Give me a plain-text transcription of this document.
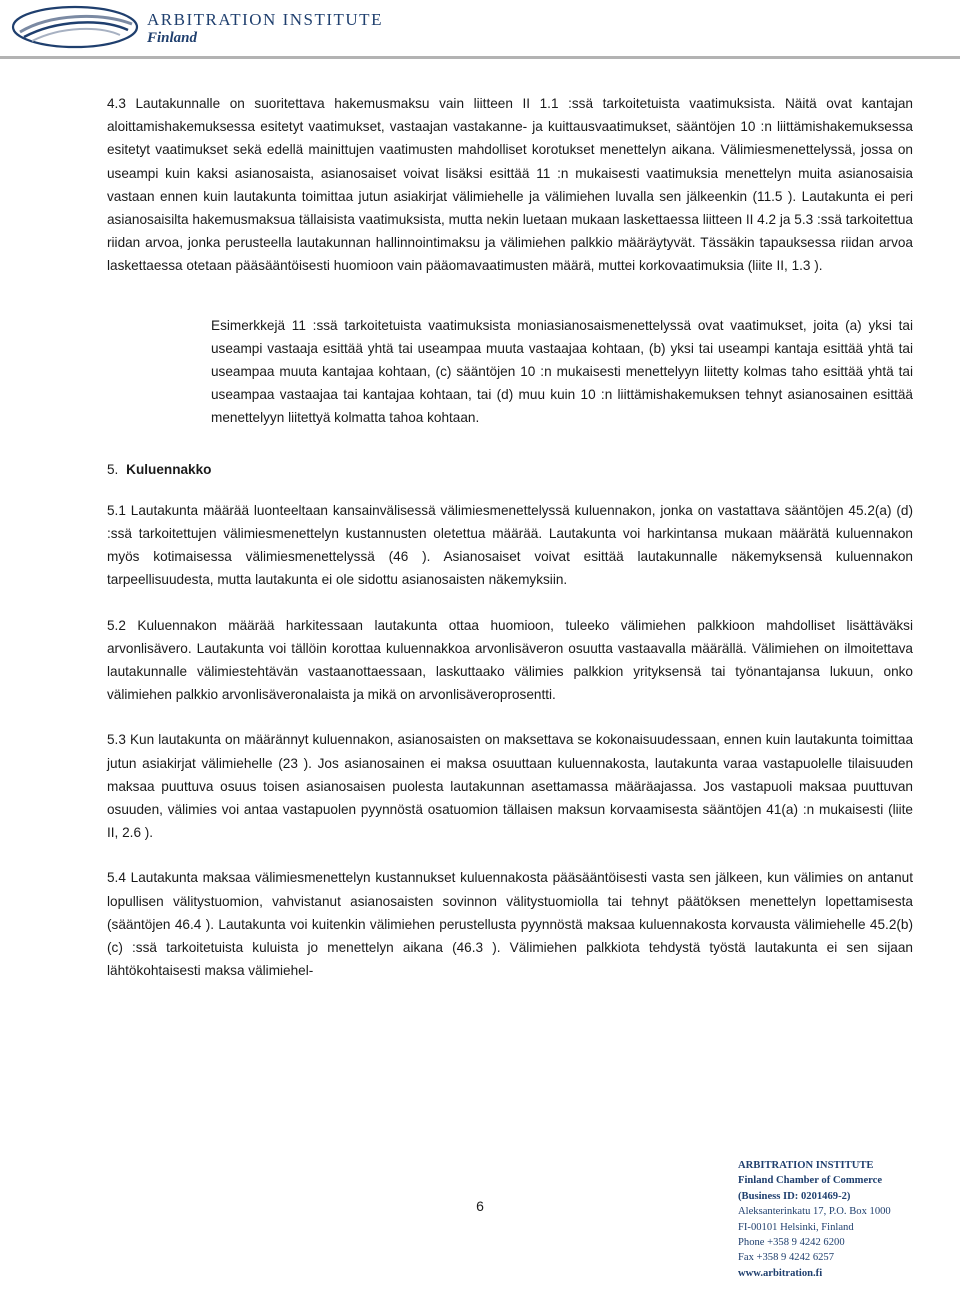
ARBITRATION INSTITUTE
Finland

4.3 Lautakunnalle on suoritettava hakemusmaksu vain liitteen II 1.1 :ssä tarkoitetuista vaatimuksista. Näitä ovat kantajan aloittamishakemuksessa esitetyt vaatimukset, vastaajan vastakanne- ja kuittausvaatimukset, sääntöjen 10 :n liittämishakemuksessa esitetyt vaatimukset sekä edellä mainittujen vaatimusten mahdolliset korotukset menettelyn aikana. Välimiesmenettelyssä, jossa on useampi kuin kaksi asianosaista, asianosaiset voivat lisäksi esittää 11 :n mukaisesti vaatimuksia menettelyn muita asianosaisia vastaan ennen kuin lautakunta toimittaa jutun asiakirjat välimiehelle ja välimiehen luvalla sen jälkeenkin (11.5 ). Lautakunta ei peri asianosaisilta hakemusmaksua tällaisista vaatimuksista, mutta nekin luetaan mukaan laskettaessa liitteen II 4.2 ja 5.3 :ssä tarkoitettua riidan arvoa, jonka perusteella lautakunnan hallinnointimaksu ja välimiehen palkkio määräytyvät. Tässäkin tapauksessa riidan arvoa laskettaessa otetaan pääsääntöisesti huomioon vain pääomavaatimusten määrä, muttei korkovaatimuksia (liite II, 1.3 ).

Esimerkkejä 11 :ssä tarkoitetuista vaatimuksista moniasianosaismenettelyssä ovat vaatimukset, joita (a) yksi tai useampi vastaaja esittää yhtä tai useampaa muuta vastaajaa kohtaan, (b) yksi tai useampi kantaja esittää yhtä tai useampaa muuta kantajaa kohtaan, (c) sääntöjen 10 :n mukaisesti menettelyyn liitetty kolmas taho esittää yhtä tai useampaa vastaajaa tai kantajaa kohtaan, tai (d) muu kuin 10 :n liittämishakemuksen tehnyt asianosainen esittää menettelyyn liitettyä kolmatta tahoa kohtaan.

5. Kuluennakko

5.1 Lautakunta määrää luonteeltaan kansainvälisessä välimiesmenettelyssä kuluennakon, jonka on vastattava sääntöjen 45.2(a) (d) :ssä tarkoitettujen välimiesmenettelyn kustannusten oletettua määrää. Lautakunta voi harkintansa mukaan määrätä kuluennakon myös kotimaisessa välimiesmenettelyssä (46 ). Asianosaiset voivat esittää lautakunnalle näkemyksensä kuluennakon tarpeellisuudesta, mutta lautakunta ei ole sidottu asianosaisten näkemyksiin.

5.2 Kuluennakon määrää harkitessaan lautakunta ottaa huomioon, tuleeko välimiehen palkkioon mahdolliset lisättäväksi arvonlisävero. Lautakunta voi tällöin korottaa kuluennakkoa arvonlisäveron osuutta vastaavalla määrällä. Välimiehen on ilmoitettava lautakunnalle välimiestehtävän vastaanottaessaan, laskuttaako välimies palkkion yrityksensä tai työnantajansa lukuun, onko välimiehen palkkio arvonlisäveronalaista ja mikä on arvonlisäveroprosentti.

5.3 Kun lautakunta on määrännyt kuluennakon, asianosaisten on maksettava se kokonaisuudessaan, ennen kuin lautakunta toimittaa jutun asiakirjat välimiehelle (23 ). Jos asianosainen ei maksa osuuttaan kuluennakosta, lautakunta varaa vastapuolelle tilaisuuden maksaa puuttuva osuus toisen asianosaisen puolesta lautakunnan asettamassa määräajassa. Jos vastapuoli maksaa puuttuvan osuuden, välimies voi antaa vastapuolen pyynnöstä osatuomion tällaisen maksun korvaamisesta sääntöjen 41(a) :n mukaisesti (liite II, 2.6 ).

5.4 Lautakunta maksaa välimiesmenettelyn kustannukset kuluennakosta pääsääntöisesti vasta sen jälkeen, kun välimies on antanut lopullisen välitystuomion, vahvistanut asianosaisten sovinnon välitystuomiolla tai tehnyt päätöksen menettelyn lopettamisesta (sääntöjen 46.4 ). Lautakunta voi kuitenkin välimiehen perustellusta pyynnöstä maksaa kuluennakosta korvausta välimiehelle 45.2(b) (c) :ssä tarkoitetuista kuluista jo menettelyn aikana (46.3 ). Välimiehen palkkiota tehdystä työstä lautakunta ei sen sijaan lähtökohtaisesti maksa välimiehel-

6
ARBITRATION INSTITUTE
Finland Chamber of Commerce
(Business ID: 0201469-2)
Aleksanterinkatu 17, P.O. Box 1000
FI-00101 Helsinki, Finland
Phone +358 9 4242 6200
Fax +358 9 4242 6257
www.arbitration.fi
